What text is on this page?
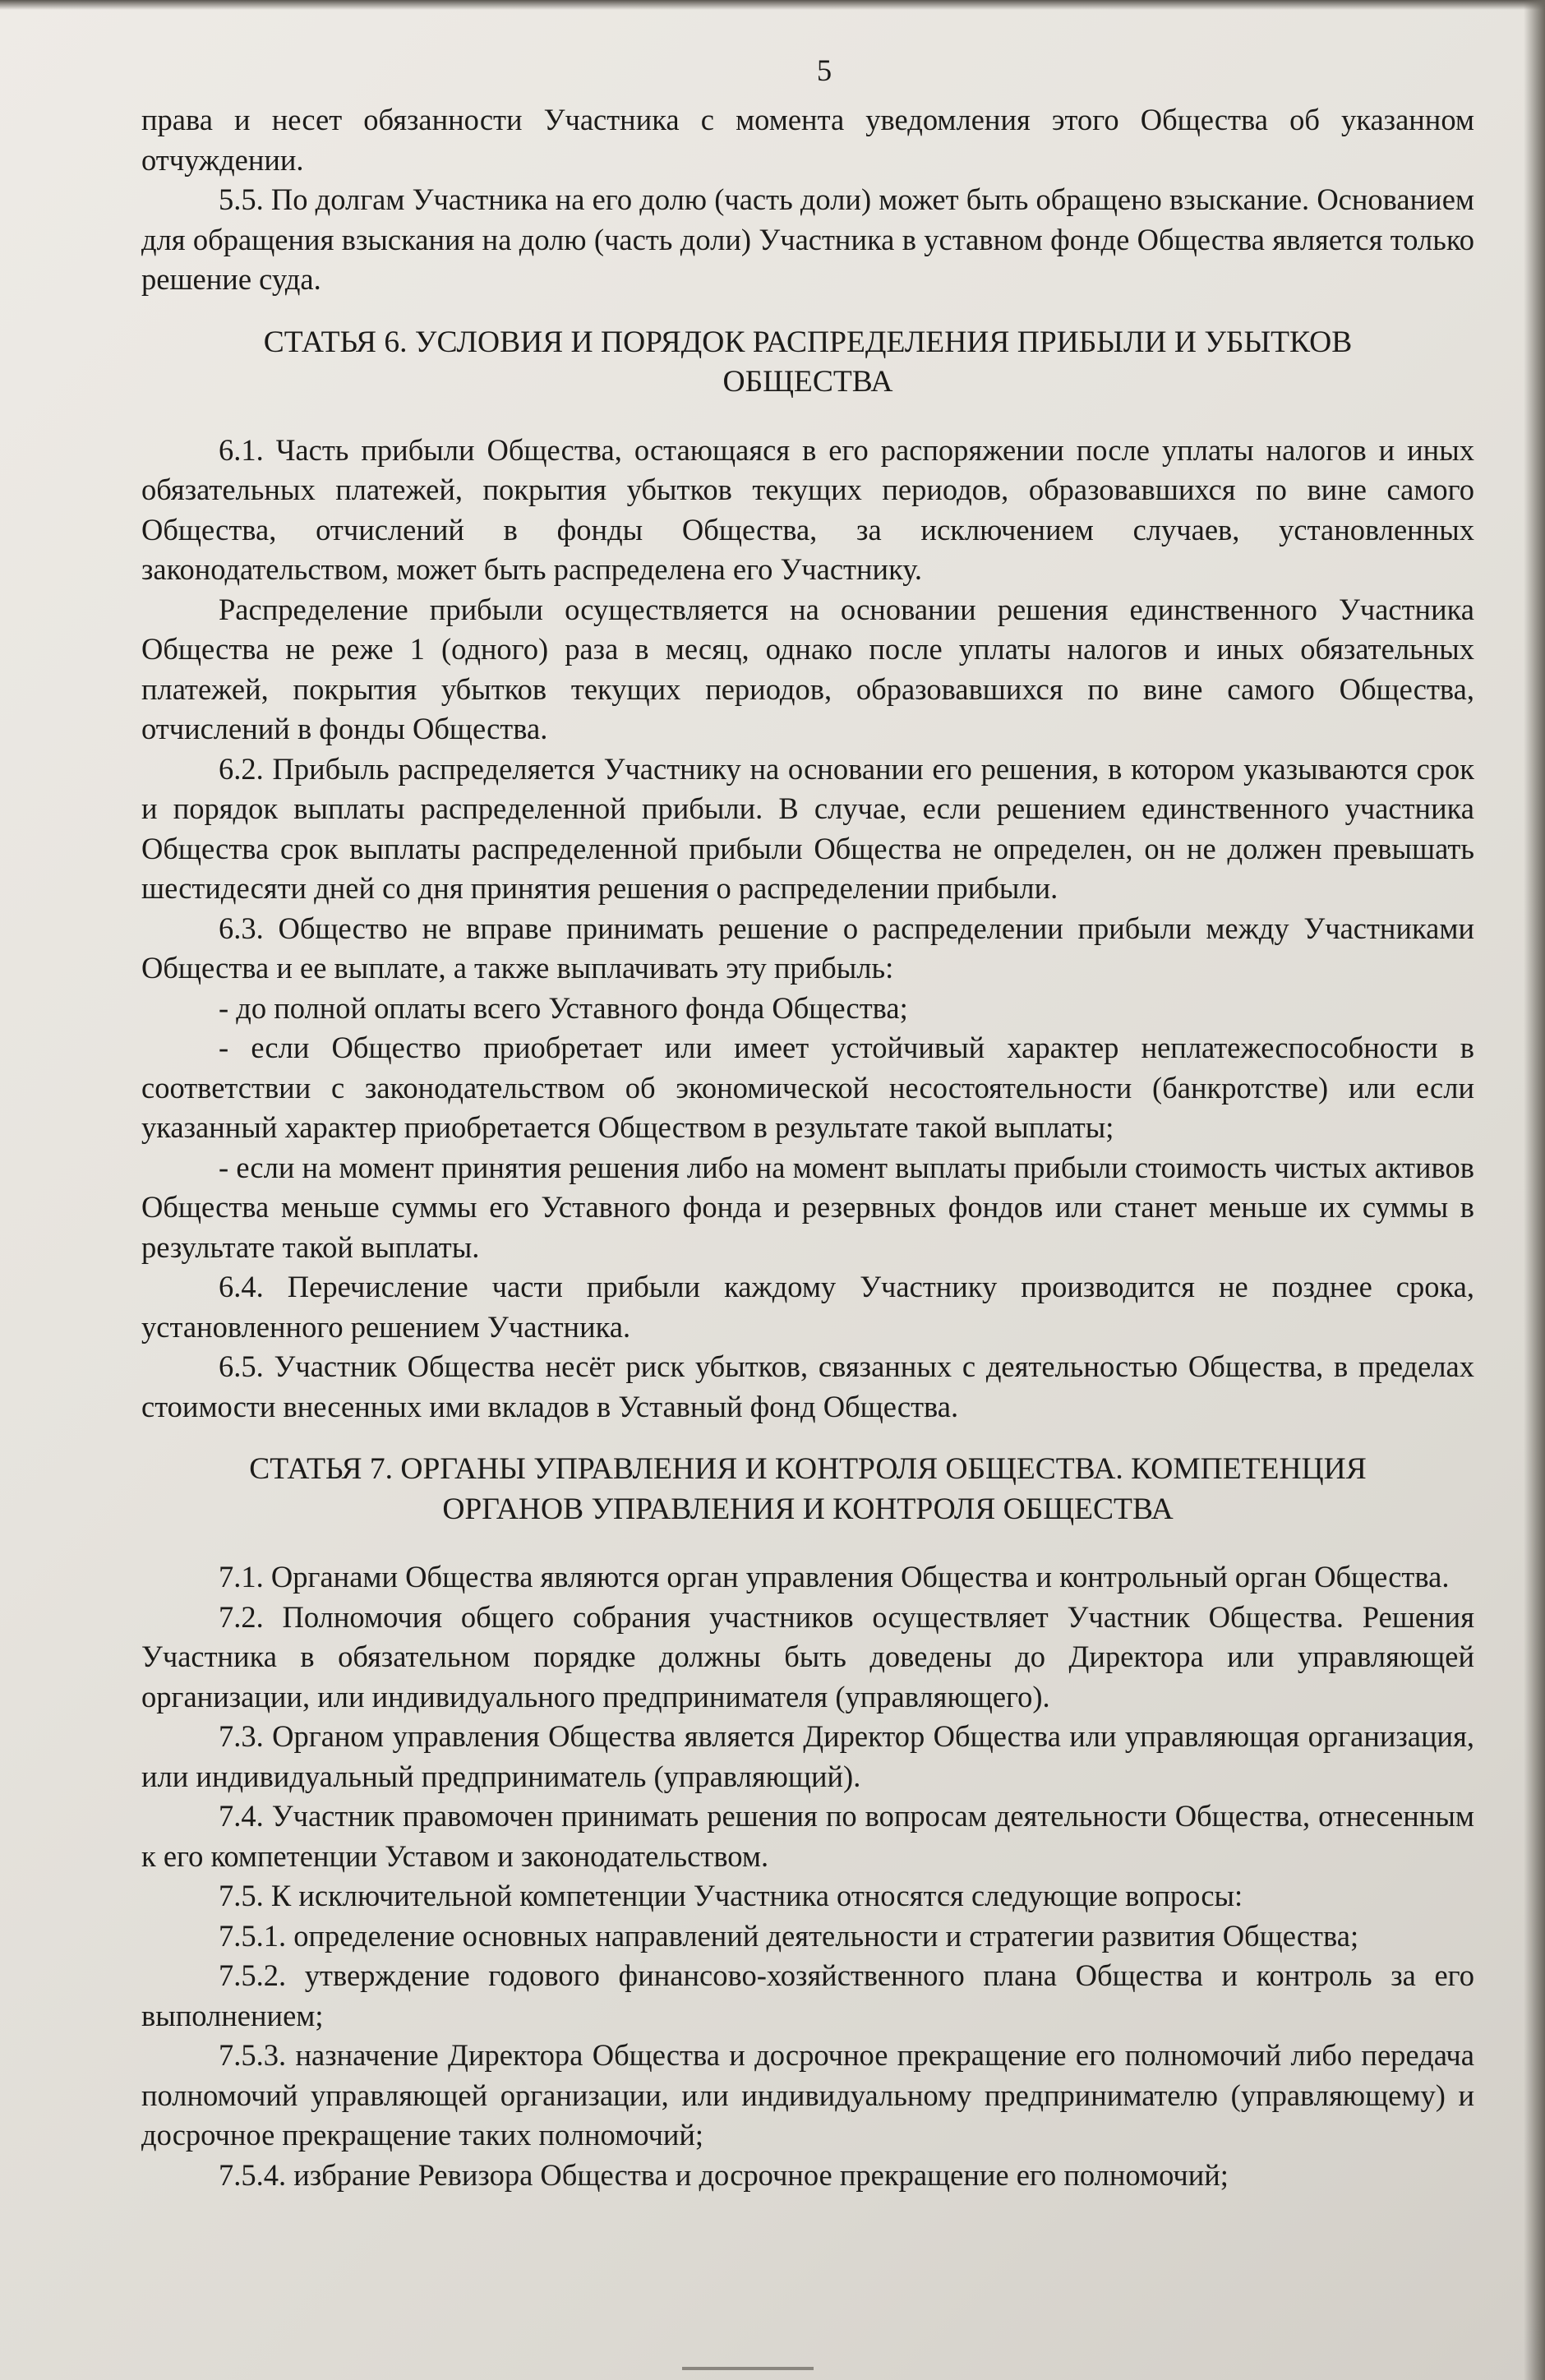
5

права и несет обязанности Участника с момента уведомления этого Общества об указанном отчуждении.

5.5. По долгам Участника на его долю (часть доли) может быть обращено взыскание. Основанием для обращения взыскания на долю (часть доли) Участника в уставном фонде Общества является только решение суда.

СТАТЬЯ 6. УСЛОВИЯ И ПОРЯДОК РАСПРЕДЕЛЕНИЯ ПРИБЫЛИ И УБЫТКОВ ОБЩЕСТВА

6.1. Часть прибыли Общества, остающаяся в его распоряжении после уплаты налогов и иных обязательных платежей, покрытия убытков текущих периодов, образовавшихся по вине самого Общества, отчислений в фонды Общества, за исключением случаев, установленных законодательством, может быть распределена его Участнику.

Распределение прибыли осуществляется на основании решения единственного Участника Общества не реже 1 (одного) раза в месяц, однако после уплаты налогов и иных обязательных платежей, покрытия убытков текущих периодов, образовавшихся по вине самого Общества, отчислений в фонды Общества.

6.2. Прибыль распределяется Участнику на основании его решения, в котором указываются срок и порядок выплаты распределенной прибыли. В случае, если решением единственного участника Общества срок выплаты распределенной прибыли Общества не определен, он не должен превышать шестидесяти дней со дня принятия решения о распределении прибыли.

6.3. Общество не вправе принимать решение о распределении прибыли между Участниками Общества и ее выплате, а также выплачивать эту прибыль:

- до полной оплаты всего Уставного фонда Общества;

- если Общество приобретает или имеет устойчивый характер неплатежеспособности в соответствии с законодательством об экономической несостоятельности (банкротстве) или если указанный характер приобретается Обществом в результате такой выплаты;

- если на момент принятия решения либо на момент выплаты прибыли стоимость чистых активов Общества меньше суммы его Уставного фонда и резервных фондов или станет меньше их суммы в результате такой выплаты.

6.4. Перечисление части прибыли каждому Участнику производится не позднее срока, установленного решением Участника.

6.5. Участник Общества несёт риск убытков, связанных с деятельностью Общества, в пределах стоимости внесенных ими вкладов в Уставный фонд Общества.

СТАТЬЯ 7. ОРГАНЫ УПРАВЛЕНИЯ И КОНТРОЛЯ ОБЩЕСТВА. КОМПЕТЕНЦИЯ ОРГАНОВ УПРАВЛЕНИЯ И КОНТРОЛЯ ОБЩЕСТВА

7.1. Органами Общества являются орган управления Общества и контрольный орган Общества.

7.2. Полномочия общего собрания участников осуществляет Участник Общества. Решения Участника в обязательном порядке должны быть доведены до Директора или управляющей организации, или индивидуального предпринимателя (управляющего).

7.3. Органом управления Общества является Директор Общества или управляющая организация, или индивидуальный предприниматель (управляющий).

7.4. Участник правомочен принимать решения по вопросам деятельности Общества, отнесенным к его компетенции Уставом и законодательством.

7.5. К исключительной компетенции Участника относятся следующие вопросы:

7.5.1. определение основных направлений деятельности и стратегии развития Общества;

7.5.2. утверждение годового финансово-хозяйственного плана Общества и контроль за его выполнением;

7.5.3. назначение Директора Общества и досрочное прекращение его полномочий либо передача полномочий управляющей организации, или индивидуальному предпринимателю (управляющему) и досрочное прекращение таких полномочий;

7.5.4. избрание Ревизора Общества и досрочное прекращение его полномочий;
